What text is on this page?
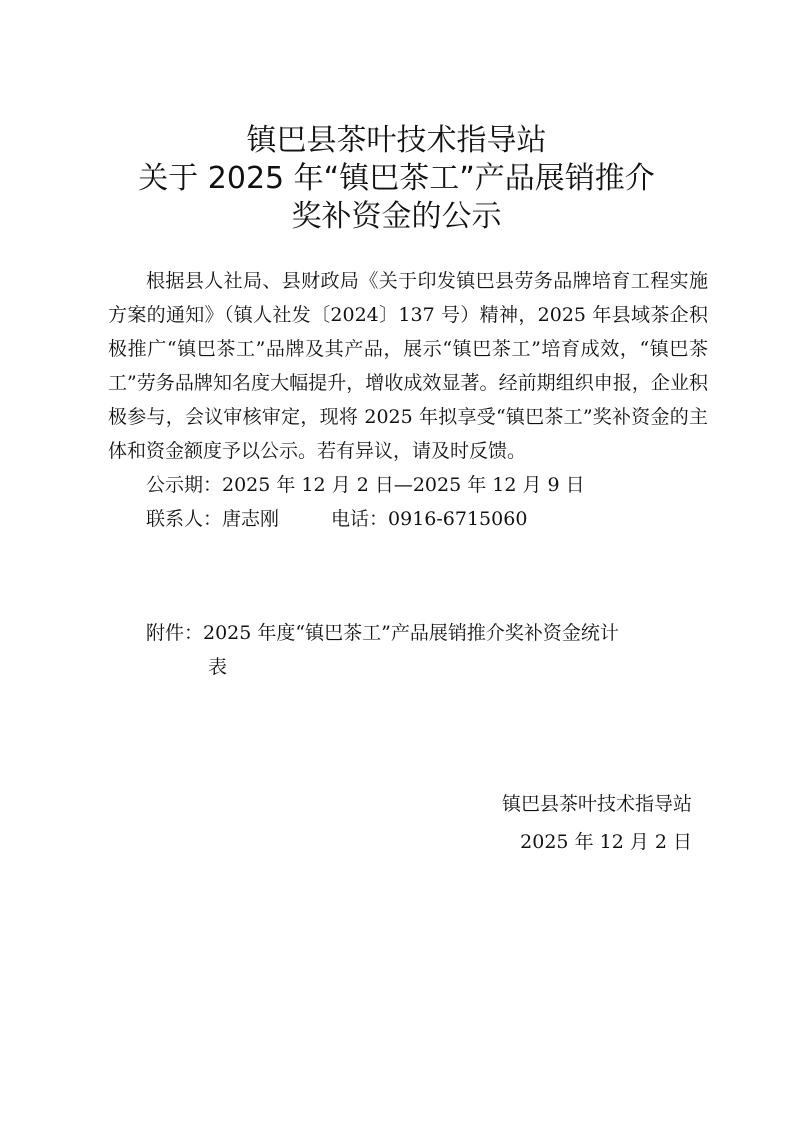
镇巴县茶叶技术指导站
关于 2025 年“镇巴茶工”产品展销推介
奖补资金的公示

根据县人社局、县财政局《关于印发镇巴县劳务品牌培育工程实施方案的通知》（镇人社发〔2024〕137 号）精神，2025 年县域茶企积极推广“镇巴茶工”品牌及其产品，展示“镇巴茶工”培育成效，“镇巴茶工”劳务品牌知名度大幅提升，增收成效显著。经前期组织申报，企业积极参与，会议审核审定，现将 2025 年拟享受“镇巴茶工”奖补资金的主体和资金额度予以公示。若有异议，请及时反馈。

公示期：2025 年 12 月 2 日—2025 年 12 月 9 日
联系人：唐志刚	电话：0916-6715060
附件：2025 年度“镇巴茶工”产品展销推介奖补资金统计
表
镇巴县茶叶技术指导站
2025 年 12 月 2 日
